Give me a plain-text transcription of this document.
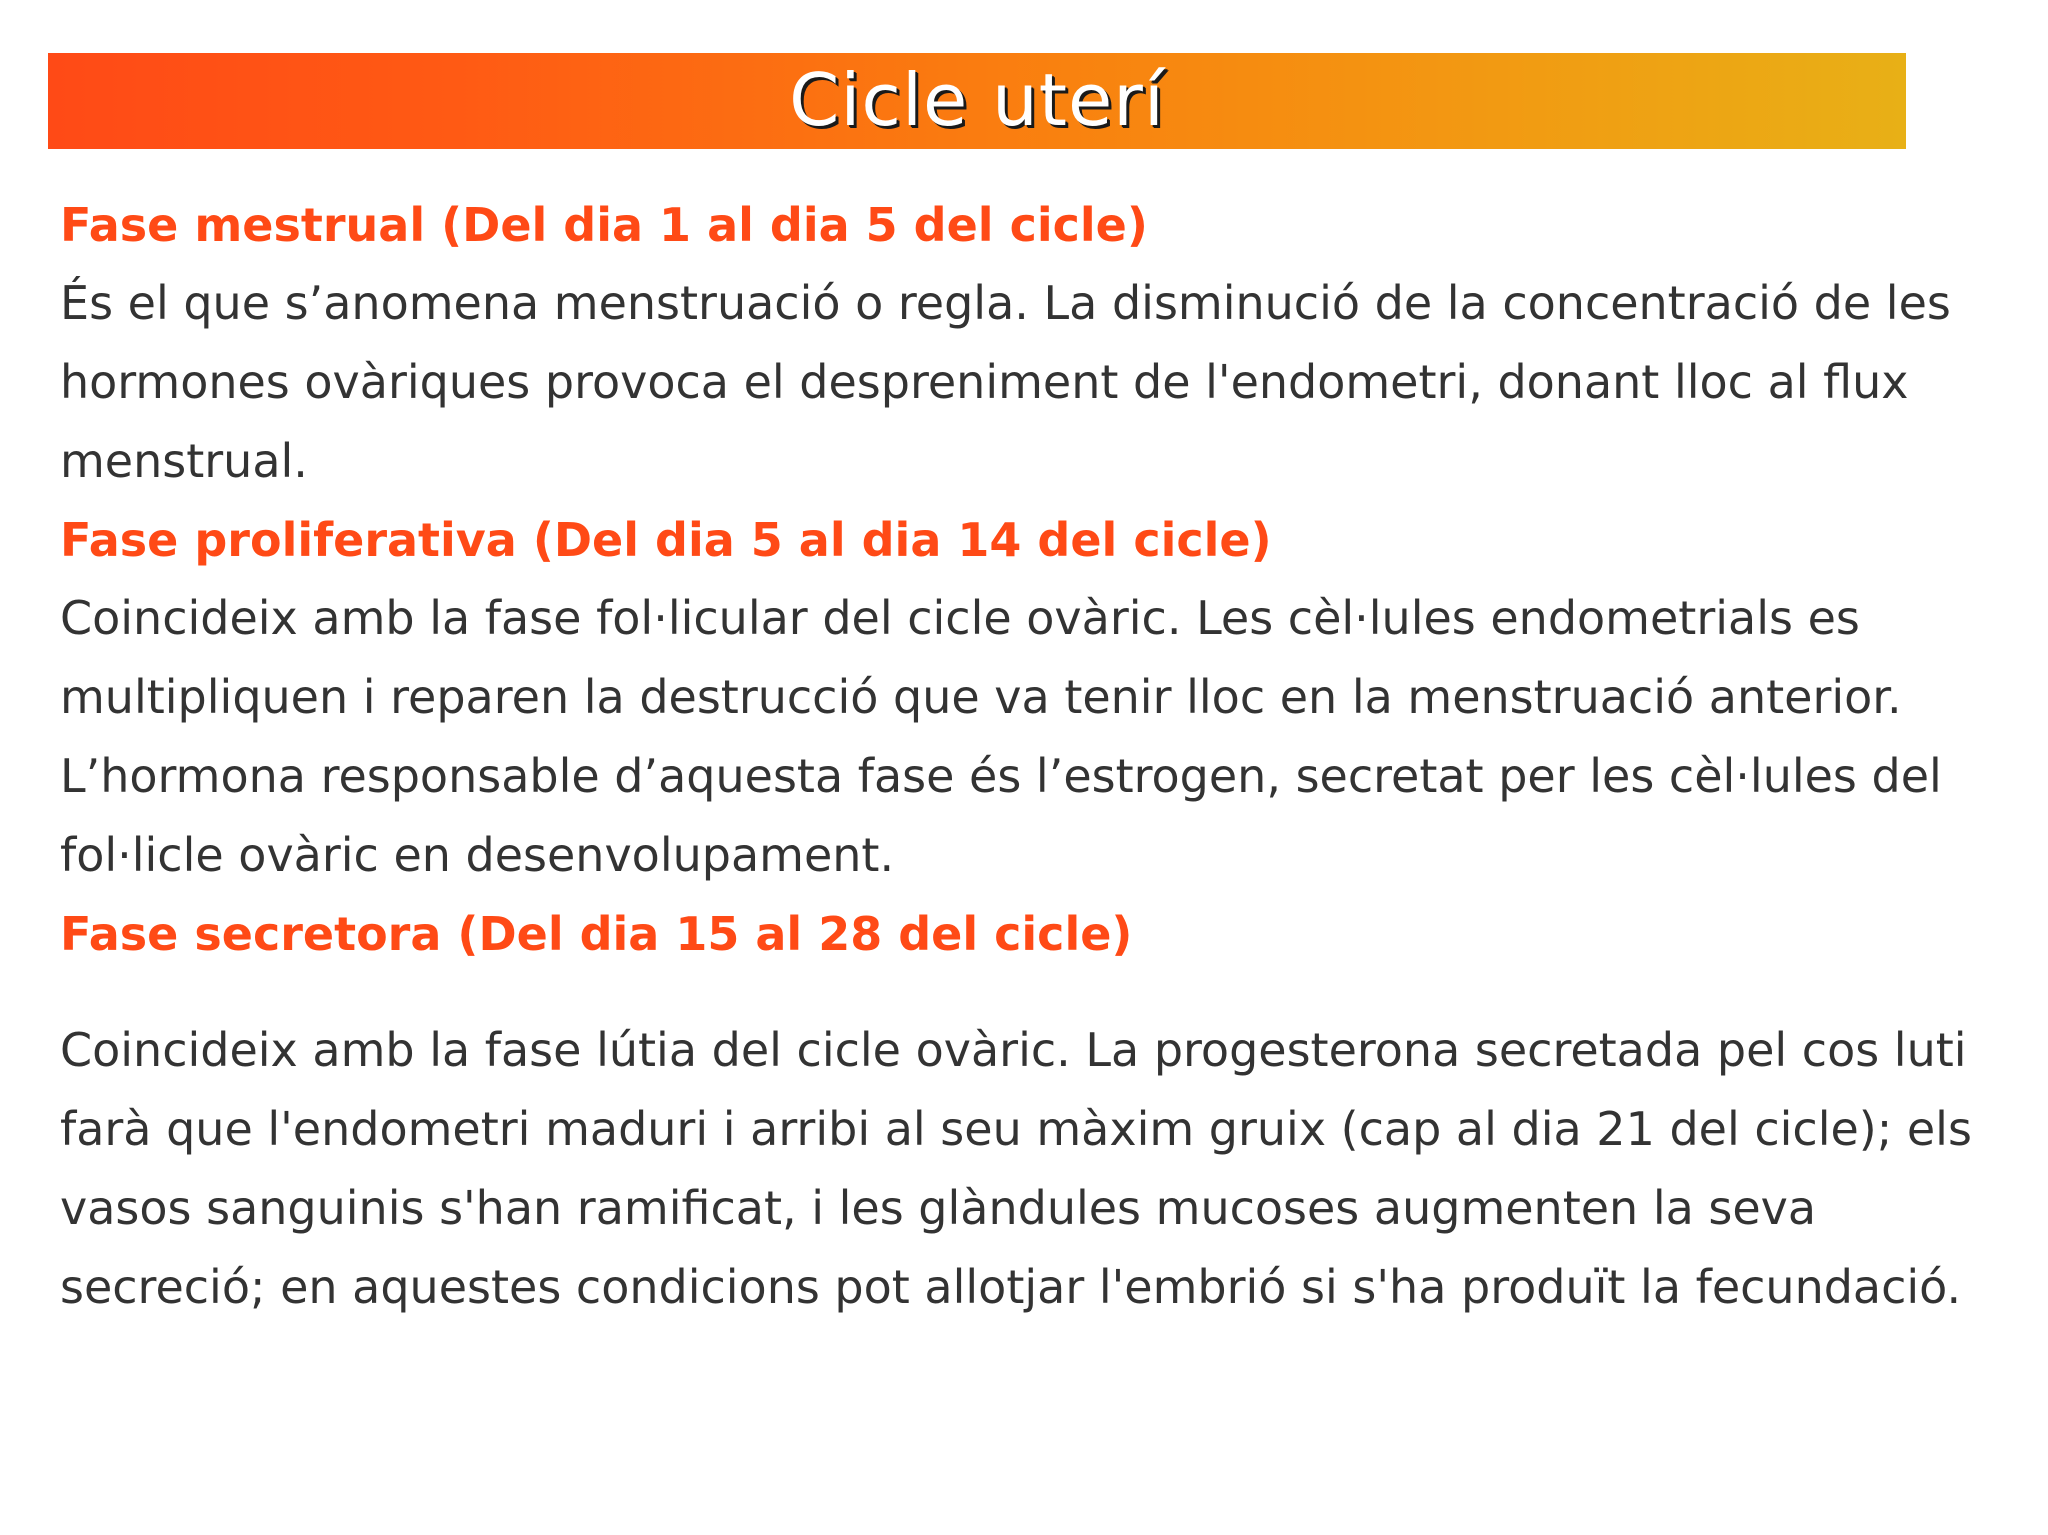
Cicle uterí

Fase mestrual (Del dia 1 al dia 5 del cicle)

És el que s’anomena menstruació o regla. La disminució de la concentració de les

hormones ovàriques provoca el despreniment de l'endometri, donant lloc al flux

menstrual.

Fase proliferativa (Del dia 5 al dia 14 del cicle)

Coincideix amb la fase fol·licular del cicle ovàric. Les cèl·lules endometrials es

multipliquen i reparen la destrucció que va tenir lloc en la menstruació anterior.

L’hormona responsable d’aquesta fase és l’estrogen, secretat per les cèl·lules del

fol·licle ovàric en desenvolupament.

Fase secretora (Del dia 15 al 28 del cicle)

Coincideix amb la fase lútia del cicle ovàric. La progesterona secretada pel cos luti

farà que l'endometri maduri i arribi al seu màxim gruix (cap al dia 21 del cicle); els

vasos sanguinis s'han ramificat, i les glàndules mucoses augmenten la seva

secreció; en aquestes condicions pot allotjar l'embrió si s'ha produït la fecundació.
